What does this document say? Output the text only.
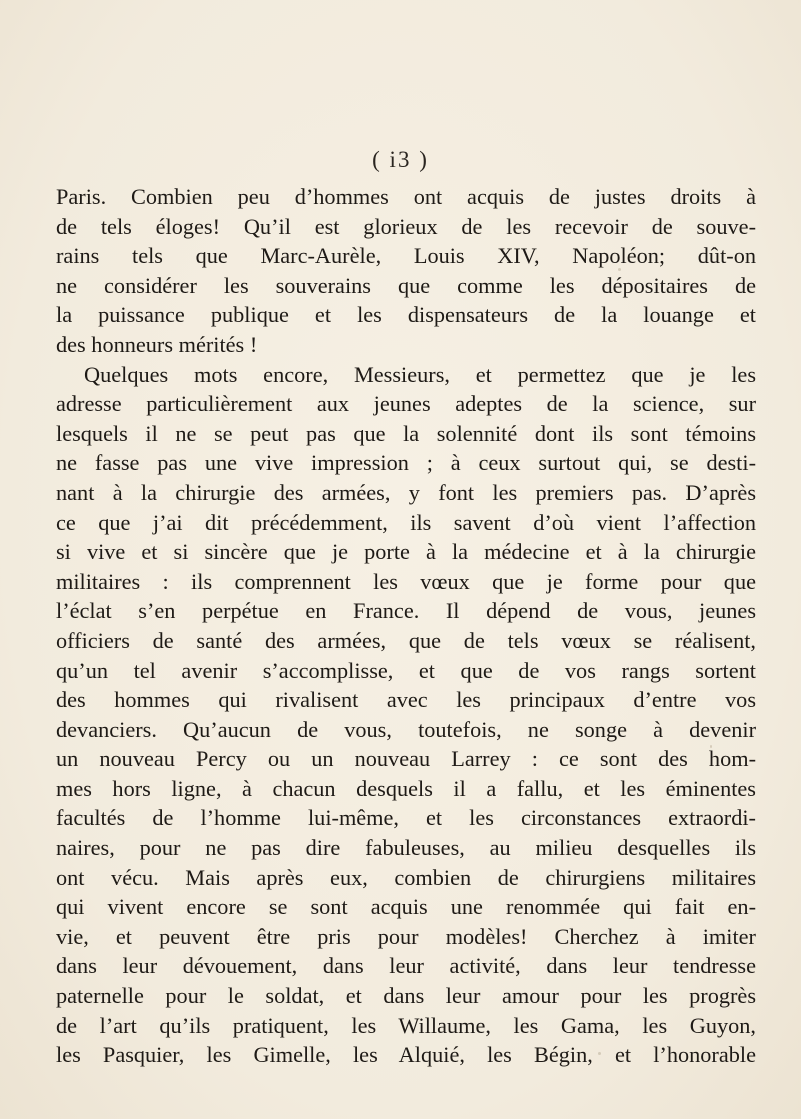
( i3 )
Paris. Combien peu d’hommes ont acquis de justes droits à
de tels éloges! Qu’il est glorieux de les recevoir de souve-
rains tels que Marc-Aurèle, Louis XIV, Napoléon; dût-on
ne considérer les souverains que comme les dépositaires de
la puissance publique et les dispensateurs de la louange et
des honneurs mérités !
Quelques mots encore, Messieurs, et permettez que je les
adresse particulièrement aux jeunes adeptes de la science, sur
lesquels il ne se peut pas que la solennité dont ils sont témoins
ne fasse pas une vive impression ; à ceux surtout qui, se desti-
nant à la chirurgie des armées, y font les premiers pas. D’après
ce que j’ai dit précédemment, ils savent d’où vient l’affection
si vive et si sincère que je porte à la médecine et à la chirurgie
militaires : ils comprennent les vœux que je forme pour que
l’éclat s’en perpétue en France. Il dépend de vous, jeunes
officiers de santé des armées, que de tels vœux se réalisent,
qu’un tel avenir s’accomplisse, et que de vos rangs sortent
des hommes qui rivalisent avec les principaux d’entre vos
devanciers. Qu’aucun de vous, toutefois, ne songe à devenir
un nouveau Percy ou un nouveau Larrey : ce sont des hom-
mes hors ligne, à chacun desquels il a fallu, et les éminentes
facultés de l’homme lui-même, et les circonstances extraordi-
naires, pour ne pas dire fabuleuses, au milieu desquelles ils
ont vécu. Mais après eux, combien de chirurgiens militaires
qui vivent encore se sont acquis une renommée qui fait en-
vie, et peuvent être pris pour modèles! Cherchez à imiter
dans leur dévouement, dans leur activité, dans leur tendresse
paternelle pour le soldat, et dans leur amour pour les progrès
de l’art qu’ils pratiquent, les Willaume, les Gama, les Guyon,
les Pasquier, les Gimelle, les Alquié, les Bégin, et l’honorable
